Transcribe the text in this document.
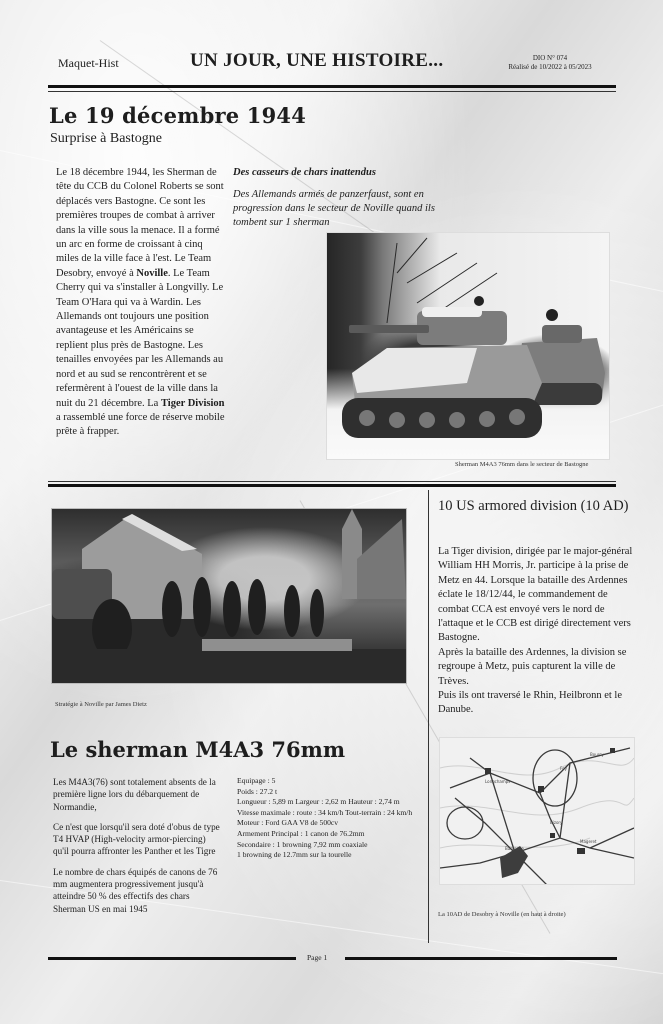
Maquet-Hist	UN JOUR, UNE HISTOIRE...	DIO N° 074
Réalisé de 10/2022 à 05/2023
Le 19 décembre 1944
Surprise à Bastogne
Le 18 décembre 1944, les Sherman de tête du CCB du Colonel Roberts se sont déplacés vers Bastogne. Ce sont les premières troupes de combat à arriver dans la ville sous la menace. Il a formé un arc en forme de croissant à cinq miles de la ville face à l'est. Le Team Desobry, envoyé à Noville. Le Team Cherry qui va s'installer à Longvilly. Le Team O'Hara qui va à Wardin. Les Allemands ont toujours une position avantageuse et les Américains se replient plus près de Bastogne. Les tenailles envoyées par les Allemands au nord et au sud se rencontrèrent et se refermèrent à l'ouest de la ville dans la nuit du 21 décembre. La Tiger Division a rassemblé une force de réserve mobile prête à frapper.
Des casseurs de chars inattendus
Des Allemands armés de panzerfaust, sont en progression dans le secteur de Noville quand ils tombent sur 1 sherman
Sherman M4A3 76mm dans le secteur de Bastogne
Stratégie à Noville par James Dietz
10 US armored division (10 AD)
La Tiger division, dirigée par le major-général William HH Morris, Jr. participe à la prise de Metz en 44. Lorsque la bataille des Ardennes éclate le 18/12/44, le commandement de combat CCA est envoyé vers le nord de l'attaque et le CCB est dirigé directement vers Bastogne.
Après la bataille des Ardennes, la division se regroupe à Metz, puis capturent la ville de Trèves.
Puis ils ont traversé le Rhin, Heilbronn et le Danube.
Longchamps
Foy
Bourcy
Bizory
Mageret
Bastogne
La 10AD de Desobry à Noville (en haut à droite)
Le sherman M4A3 76mm

Les M4A3(76) sont totalement absents de la première ligne lors du débarquement de Normandie,

Ce n'est que lorsqu'il sera doté d'obus de type T4 HVAP (High-velocity armor-piercing) qu'il pourra affronter les Panther et les Tigre

Le nombre de chars équipés de canons de 76 mm augmentera progressivement jusqu'à atteindre 50 % des effectifs des chars Sherman US en mai 1945

Equipage : 5
Poids : 27.2 t
Longueur : 5,89 m Largeur : 2,62 m Hauteur : 2,74 m
Vitesse maximale : route : 34 km/h Tout-terrain : 24 km/h
Moteur : Ford GAA V8 de 500cv
Armement Principal : 1 canon de 76.2mm
Secondaire : 1 browning 7,92 mm coaxiale
1 browning de 12.7mm sur la tourelle
Page 1
